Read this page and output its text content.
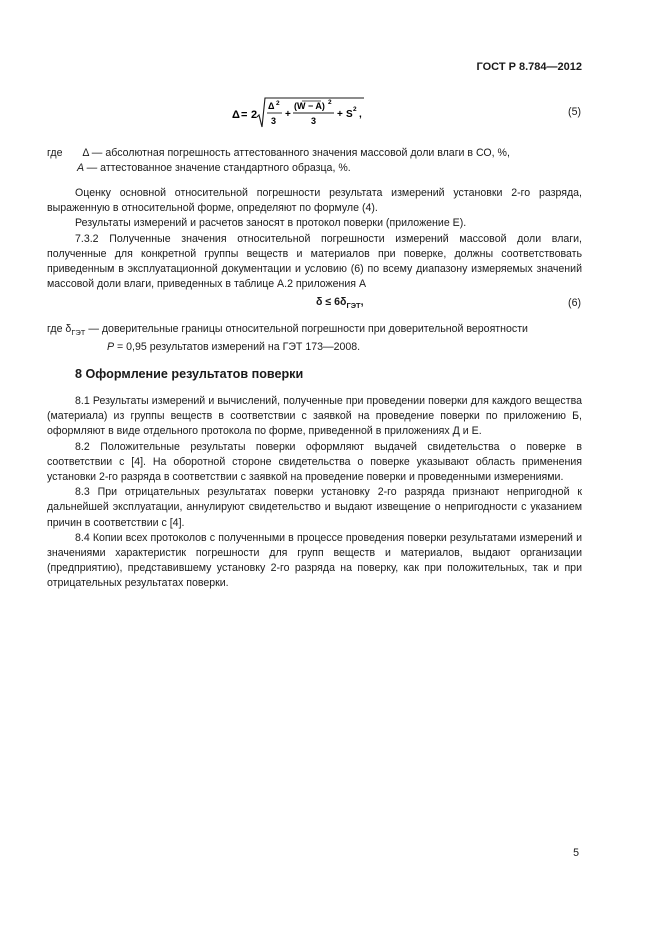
ГОСТ Р 8.784—2012
Δ = 2
Δ 2
3
+
(W − A) 2
3
+ S 2 ,	(5)
где Δ — абсолютная погрешность аттестованного значения массовой доли влаги в СО, %,
A — аттестованное значение стандартного образца, %.

Оценку основной относительной погрешности результата измерений установки 2-го разряда, выраженную в относительной форме, определяют по формуле (4).

Результаты измерений и расчетов заносят в протокол поверки (приложение Е).

7.3.2 Полученные значения относительной погрешности измерений массовой доли влаги, полученные для конкретной группы веществ и материалов при поверке, должны соответствовать приведенным в эксплуатационной документации и условию (6) по всему диапазону измеряемых значений массовой доли влаги, приведенных в таблице А.2 приложения А

$\delta \le 6\delta_{ГЭТ}$,	(6)

где $\delta_{ГЭТ}$ — доверительные границы относительной погрешности при доверительной вероятности

P = 0,95 результатов измерений на ГЭТ 173—2008.

8 Оформление результатов поверки

8.1 Результаты измерений и вычислений, полученные при проведении поверки для каждого вещества (материала) из группы веществ в соответствии с заявкой на проведение поверки по приложению Б, оформляют в виде отдельного протокола по форме, приведенной в приложениях Д и Е.

8.2 Положительные результаты поверки оформляют выдачей свидетельства о поверке в соответствии с [4]. На оборотной стороне свидетельства о поверке указывают область применения установки 2-го разряда в соответствии с заявкой на проведение поверки и проведенными измерениями.

8.3 При отрицательных результатах поверки установку 2-го разряда признают непригодной к дальнейшей эксплуатации, аннулируют свидетельство и выдают извещение о непригодности с указанием причин в соответствии с [4].

8.4 Копии всех протоколов с полученными в процессе проведения поверки результатами измерений и значениями характеристик погрешности для групп веществ и материалов, выдают организации (предприятию), представившему установку 2-го разряда на поверку, как при положительных, так и при отрицательных результатах поверки.

5
